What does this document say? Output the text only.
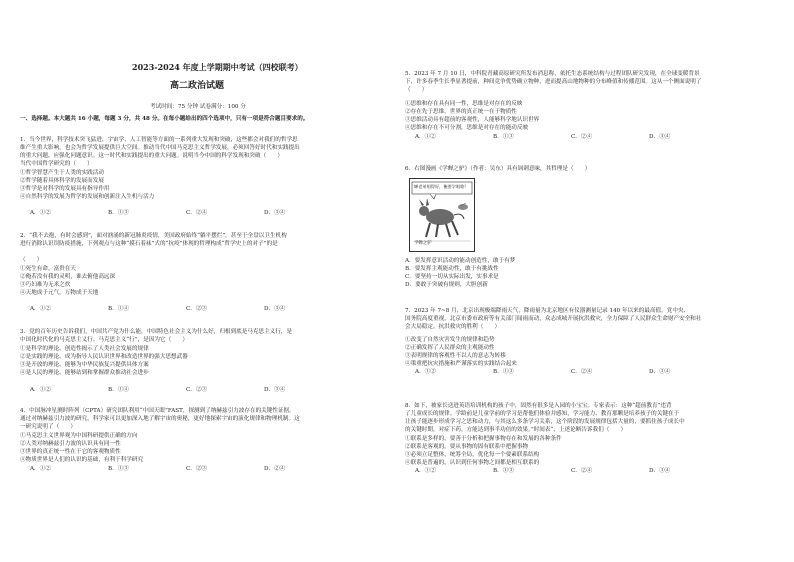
2023-2024 年度上学期期中考试（四校联考）
高二政治试题
考试时间：75 分钟 试卷满分：100 分
一、选择题。本大题共 16 小题，每题 3 分，共 48 分。在每小题给出的四个选项中，只有一项是符合题目要求的。
1．当今世界，科学技术突飞猛进，宇宙学、人工智能等方面的一系列重大发现和突破，这些都会对我们的哲学思
维产生重大影响，也会为哲学发展提供巨大空间。推动当代中国马克思主义哲学发展，必须回答好时代和实践提出
的重大问题，应强化问题意识。这一时代和实践提出的重大问题。说明当今中国的科学发现和突破（　　）
当代中国哲学研究的（　　）
①哲学智慧产生于人类的实践活动
②哲学随着具体科学的发展而发展
③哲学是对科学的发展具有指导作用
④自然科学的发展为哲学的发展和创新注入生机与活力
A．①②	B．①③	C．②④	D．③④
2．“我不去抱，有时会感到”，面对汹涌的新冠肺炎疫情，美国政府始终“躺平摆烂”，甚至于全盘以卫生机构
进行消除认识误防疫措施，下列观点与这种“摸石着袜”式的“抗疫”体现的哲理构成“哲学史上的对子”的是
（　　）
①死生有命，富贵在天
②俺若没有我的灵明，谁去俯他高远深
③巧妇难为无米之炊
④天地成于元气，万物成于天地
A．①②	B．①④	C．②③	D．③④
3．党的百年历史告诉我们，中国共产党为什么能，中国特色社会主义为什么好，归根到底是马克思主义行，是
中国化时代化的马克思主义行。马克思主义“行”，是因为它（　　）
①是科学的理论，创造性揭示了人类社会发展的规律
②是实践的理论，成为指导人民认识世界和改造世界的强大思想武器
③是开放的理论，能够为中华民族复兴提供具体方案
④是人民的理论，能够站到和掌握群众推动社会进步
A．①②	B．①④	C．②③	D．③④
4．中国脉冲星测时阵列（CPTA）研究团队利用“中国天眼”FAST，探测到了纳赫兹引力波存在的关键性证据。
通过对纳赫兹引力波的研究，科学家可以更加深入地了解宇宙的奥秘，更好地探索宇宙的演化规律和物理机制。这
一研究说明了（　　）
①马克思主义世界观为中国科研提供正确的方向
②人类对纳赫兹引力波的认识具有同一性
③世界的真正统一性在于它的客观物质性
④物质世界是人们的认识的基础，有利于科学研究
A．①②	B．①③	C．②③	D．②④
5．2023 年 7 月 10 日，中科院青藏高原研究所发布消息称，依托生态系统结构与过程团队研究发现，在全球变暖背景
下，许多春季生长季显著提前，种间竞争优势确立物种，进而提高山地物种的分布峰值和传播范围。这从一个侧面说明了
（　　）
①思维和存在具有同一性，思维是对存在的反映
②存在先于思维，世界的真正统一在于物质性
③思维活动具有超前的客观性，人能够科学地认识世界
④思维和存在不可分割，思维是对存在的能动反映
A．①②	B．①③	C．②④	D．③④
6．右图漫画《学蝉之驴》（作者：吴东）具有讽刺意味，其哲理是（　　）
蝉老弟唱得好，俺要学唱歌!
学蝉之驴
A．要发挥意识活动的能动创造性，敢于有梦
B．要发挥主观能动性，敢于有挑战性
C．要坚持一切从实际出发，实事求是
D．要敢于突破有规则，大胆创新
7．2023 年 7~8 月，北京出现极端降雨天气，降雨量为北京地区有仪器测量记录 140 年以来的最高值。党中央、
国务院高度重视，北京市委市政府等有关部门闻雨而动，众志成城开展抗洪救灾，全力保障了人民群众生命财产安全和社
会大局稳定。抗洪救灾的胜利（　　）
①改变了自然灾害发生的规律和趋势
②正确发挥了人民群众的主观能动性
③表明规律的客观性不以人的意志为转移
④策重把抗灾措施和严谨落实的实践结合起来
A．①②	B．①③	C．②④	D．③④
8．如下，被家长送进英语培训机构的孩子中，固然有很多是入园的小宝宝。专家表示：这种“超前教育”违背
了儿童成长的规律。学龄前是儿童学前的学习是帮他们体验并感知，学习能力、教育那颗是培养孩子的关键在于
让孩子能逐步形成学习之思和动力，与其这么多条学习关系，这个阶段的发展规律包括大量的，要抓住孩子成长中
的关键时期，对症下药，方能达到事半功倍的效果。”时间表“，上述论断告诉我们（　　）
①联系是多样的，要善于分析和把握事物存在和发展的各种条件
②联系是客观的，要从事物的固有联系中把握事物
③必须立足整体，统筹全局，优化每一个要素联系结构
④联系是普遍的，认识到任何事物之间都是相互联系的
A．①②	B．①③	C．②④	D．③④
